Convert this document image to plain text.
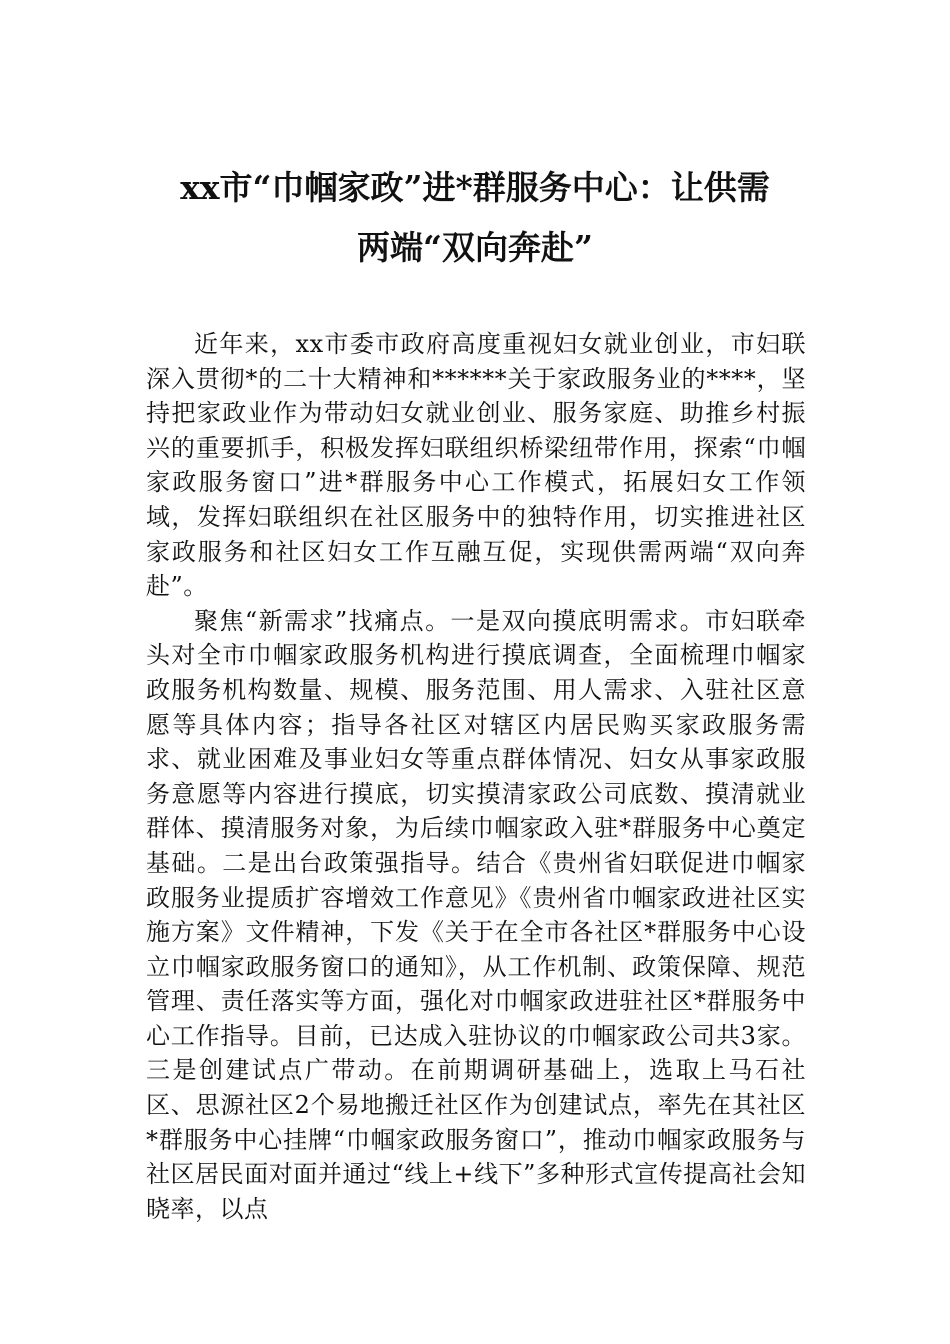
xx市“巾帼家政”进*群服务中心：让供需
两端“双向奔赴”

近年来，xx市委市政府高度重视妇女就业创业，市妇联深入贯彻*的二十大精神和******关于家政服务业的****，坚持把家政业作为带动妇女就业创业、服务家庭、助推乡村振兴的重要抓手，积极发挥妇联组织桥梁纽带作用，探索“巾帼家政服务窗口”进*群服务中心工作模式，拓展妇女工作领域，发挥妇联组织在社区服务中的独特作用，切实推进社区家政服务和社区妇女工作互融互促，实现供需两端“双向奔赴”。

聚焦“新需求”找痛点。一是双向摸底明需求。市妇联牵头对全市巾帼家政服务机构进行摸底调查，全面梳理巾帼家政服务机构数量、规模、服务范围、用人需求、入驻社区意愿等具体内容；指导各社区对辖区内居民购买家政服务需求、就业困难及事业妇女等重点群体情况、妇女从事家政服务意愿等内容进行摸底，切实摸清家政公司底数、摸清就业群体、摸清服务对象，为后续巾帼家政入驻*群服务中心奠定基础。二是出台政策强指导。结合《贵州省妇联促进巾帼家政服务业提质扩容增效工作意见》《贵州省巾帼家政进社区实施方案》文件精神，下发《关于在全市各社区*群服务中心设立巾帼家政服务窗口的通知》，从工作机制、政策保障、规范管理、责任落实等方面，强化对巾帼家政进驻社区*群服务中心工作指导。目前，已达成入驻协议的巾帼家政公司共3家。三是创建试点广带动。在前期调研基础上，选取上马石社区、思源社区2个易地搬迁社区作为创建试点，率先在其社区*群服务中心挂牌“巾帼家政服务窗口”，推动巾帼家政服务与社区居民面对面并通过“线上+线下”多种形式宣传提高社会知晓率，以点
